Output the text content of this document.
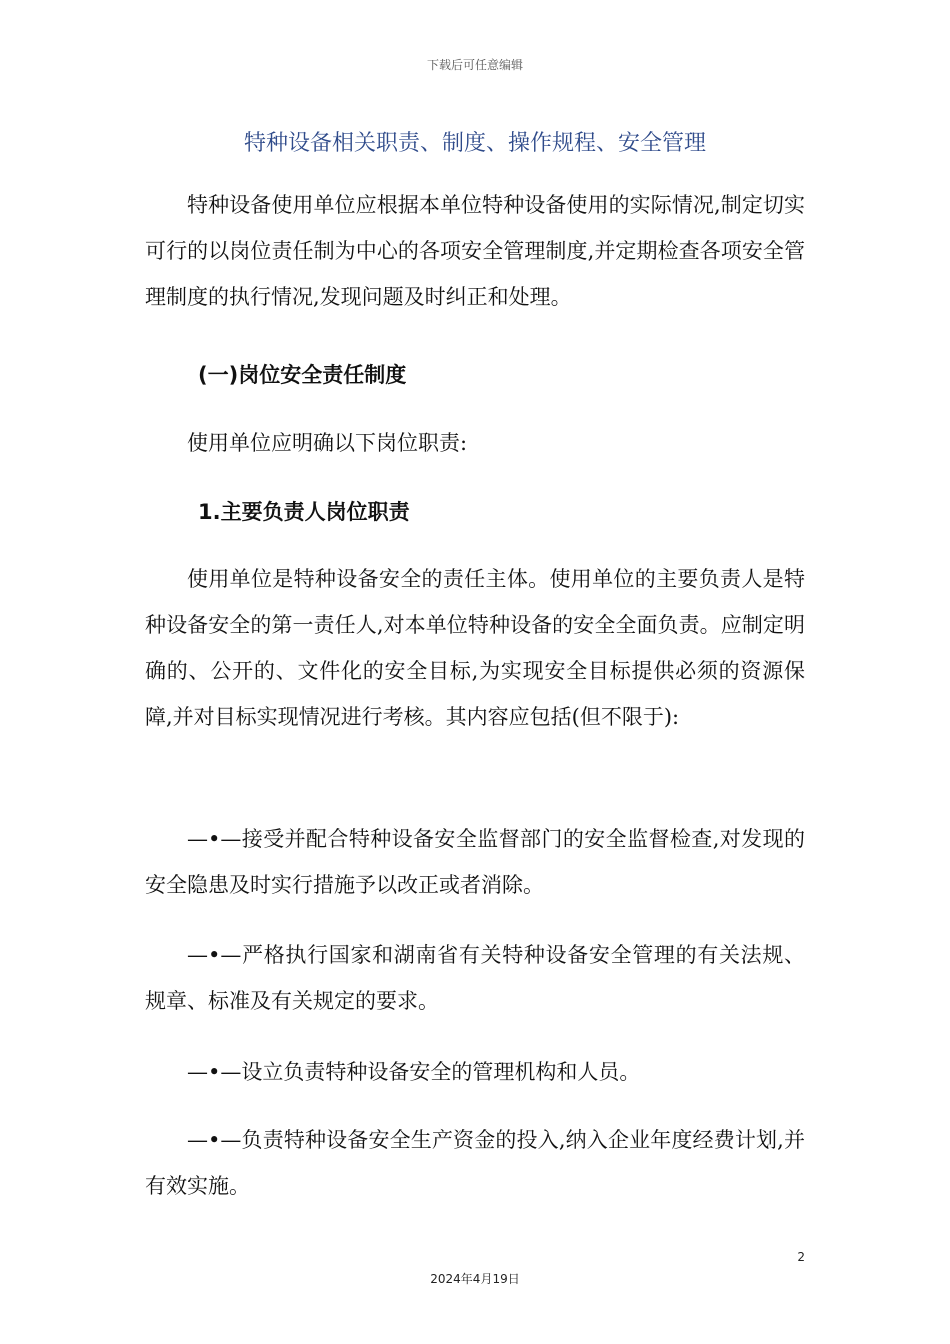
下载后可任意编辑
特种设备相关职责、制度、操作规程、安全管理

特种设备使用单位应根据本单位特种设备使用的实际情况,制定切实可行的以岗位责任制为中心的各项安全管理制度,并定期检查各项安全管理制度的执行情况,发现问题及时纠正和处理。

(一)岗位安全责任制度

使用单位应明确以下岗位职责:

1.主要负责人岗位职责

使用单位是特种设备安全的责任主体。使用单位的主要负责人是特种设备安全的第一责任人,对本单位特种设备的安全全面负责。应制定明确的、公开的、文件化的安全目标,为实现安全目标提供必须的资源保障,并对目标实现情况进行考核。其内容应包括(但不限于):

—•—接受并配合特种设备安全监督部门的安全监督检查,对发现的安全隐患及时实行措施予以改正或者消除。

—•—严格执行国家和湖南省有关特种设备安全管理的有关法规、规章、标准及有关规定的要求。

—•—设立负责特种设备安全的管理机构和人员。

—•—负责特种设备安全生产资金的投入,纳入企业年度经费计划,并有效实施。

2
2024年4月19日
